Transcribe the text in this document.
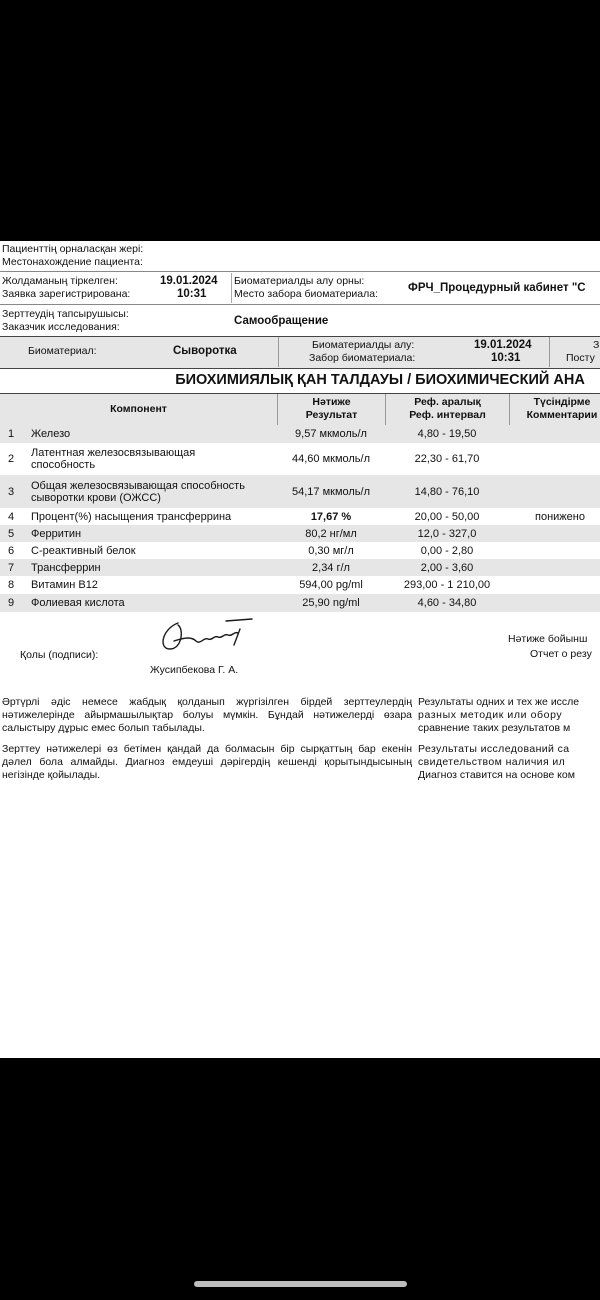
Пациенттің орналасқан жері:
Местонахождение пациента:
Жолдаманың тіркелген:
Заявка зарегистрирована:
19.01.2024
10:31
Биоматериалды алу орны:
Место забора биоматериала:	ФРЧ_Процедурный кабинет "С
Зерттеудің тапсырушысы:
Заказчик исследования:	Самообращение
Биоматериал:	Сыворотка	Биоматериалды алу:
Забор биоматериала:
19.01.2024
10:31
З
Посту
БИОХИМИЯЛЫҚ ҚАН ТАЛДАУЫ / БИОХИМИЧЕСКИЙ АНА
Компонент
Нәтиже
Результат
Реф. аралық
Реф. интервал
Түсіндірме
Комментарии
1 Железо	9,57 мкмоль/л	4,80 - 19,50
2 Латентная железосвязывающая способность	44,60 мкмоль/л	22,30 - 61,70
3 Общая железосвязывающая способность сыворотки крови (ОЖСС)	54,17 мкмоль/л	14,80 - 76,10
4 Процент(%) насыщения трансферрина	17,67 %	20,00 - 50,00	понижено
5 Ферритин	80,2 нг/мл	12,0 - 327,0
6 С-реактивный белок	0,30 мг/л	0,00 - 2,80
7 Трансферрин	2,34 г/л	2,00 - 3,60
8 Витамин В12	594,00 pg/ml	293,00 - 1 210,00
9 Фолиевая кислота	25,90 ng/ml	4,60 - 34,80
Қолы (подписи):
Жусипбекова Г. А.
Нәтиже бойынш
Отчет о резу
Әртүрлі әдіс немесе жабдық қолданып жүргізілген бірдей зерттеулердің нәтижелерінде айырмашылықтар болуы мүмкін. Бұндай нәтижелерді өзара салыстыру дұрыс емес болып табылады.
Зерттеу нәтижелері өз бетімен қандай да болмасын бір сырқаттың бар екенін дәлел бола алмайды. Диагноз емдеуші дәрігердің кешенді қорытындысының негізінде қойылады.
Результаты одних и тех же иссле
разных методик или обору
сравнение таких результатов м
Результаты исследований са
свидетельством наличия ил
Диагноз ставится на основе ком
